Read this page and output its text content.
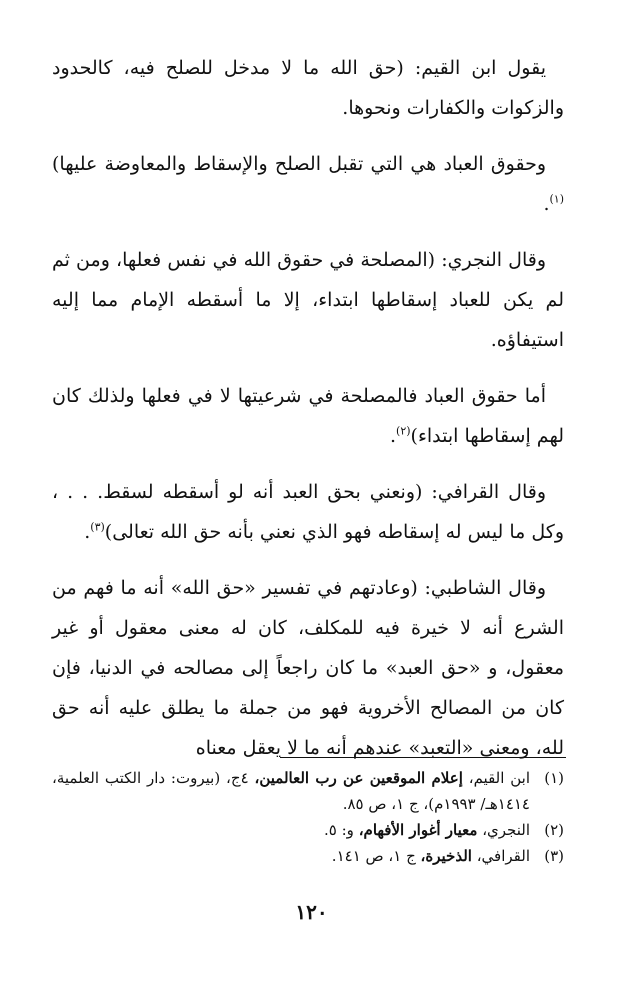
يقول ابن القيم: (حق الله ما لا مدخل للصلح فيه، كالحدود والزكوات والكفارات ونحوها.

وحقوق العباد هي التي تقبل الصلح والإسقاط والمعاوضة عليها)$^{(١)}$.

وقال النجري: (المصلحة في حقوق الله في نفس فعلها، ومن ثم لم يكن للعباد إسقاطها ابتداء، إلا ما أسقطه الإمام مما إليه استيفاؤه.

أما حقوق العباد فالمصلحة في شرعيتها لا في فعلها ولذلك كان لهم إسقاطها ابتداء)$^{(٢)}$.

وقال القرافي: (ونعني بحق العبد أنه لو أسقطه لسقط. . . ، وكل ما ليس له إسقاطه فهو الذي نعني بأنه حق الله تعالى)$^{(٣)}$.

وقال الشاطبي: (وعادتهم في تفسير «حق الله» أنه ما فهم من الشرع أنه لا خيرة فيه للمكلف، كان له معنى معقول أو غير معقول، و «حق العبد» ما كان راجعاً إلى مصالحه في الدنيا، فإن كان من المصالح الأخروية فهو من جملة ما يطلق عليه أنه حق لله، ومعنى «التعبد» عندهم أنه ما لا يعقل معناه

(١)
ابن القيم، إعلام الموقعين عن رب العالمين، ٤ج، (بيروت: دار الكتب العلمية، ١٤١٤هـ/ ١٩٩٣م)، ج ١، ص ٨٥.

(٢)
النجري، معيار أغوار الأفهام، و: ٥.

(٣)
القرافي، الذخيرة، ج ١، ص ١٤١.

١٢٠
